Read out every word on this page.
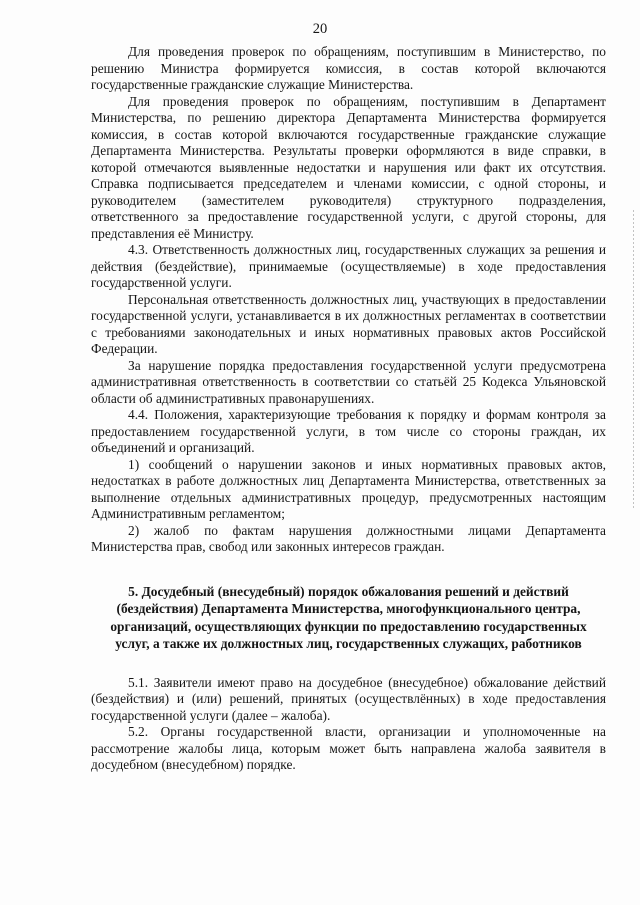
20

Для проведения проверок по обращениям, поступившим в Министерство, по решению Министра формируется комиссия, в состав которой включаются государственные гражданские служащие Министерства.

Для проведения проверок по обращениям, поступившим в Департамент Министерства, по решению директора Департамента Министерства формируется комиссия, в состав которой включаются государственные гражданские служащие Департамента Министерства. Результаты проверки оформляются в виде справки, в которой отмечаются выявленные недостатки и нарушения или факт их отсутствия. Справка подписывается председателем и членами комиссии, с одной стороны, и руководителем (заместителем руководителя) структурного подразделения, ответственного за предоставление государственной услуги, с другой стороны, для представления её Министру.

4.3. Ответственность должностных лиц, государственных служащих за решения и действия (бездействие), принимаемые (осуществляемые) в ходе предоставления государственной услуги.

Персональная ответственность должностных лиц, участвующих в предоставлении государственной услуги, устанавливается в их должностных регламентах в соответствии с требованиями законодательных и иных нормативных правовых актов Российской Федерации.

За нарушение порядка предоставления государственной услуги предусмотрена административная ответственность в соответствии со статьёй 25 Кодекса Ульяновской области об административных правонарушениях.

4.4. Положения, характеризующие требования к порядку и формам контроля за предоставлением государственной услуги, в том числе со стороны граждан, их объединений и организаций.

1) сообщений о нарушении законов и иных нормативных правовых актов, недостатках в работе должностных лиц Департамента Министерства, ответственных за выполнение отдельных административных процедур, предусмотренных настоящим Административным регламентом;

2) жалоб по фактам нарушения должностными лицами Департамента Министерства прав, свобод или законных интересов граждан.

5. Досудебный (внесудебный) порядок обжалования решений и действий (бездействия) Департамента Министерства, многофункционального центра, организаций, осуществляющих функции по предоставлению государственных услуг, а также их должностных лиц, государственных служащих, работников

5.1. Заявители имеют право на досудебное (внесудебное) обжалование действий (бездействия) и (или) решений, принятых (осуществлённых) в ходе предоставления государственной услуги (далее – жалоба).

5.2. Органы государственной власти, организации и уполномоченные на рассмотрение жалобы лица, которым может быть направлена жалоба заявителя в досудебном (внесудебном) порядке.
